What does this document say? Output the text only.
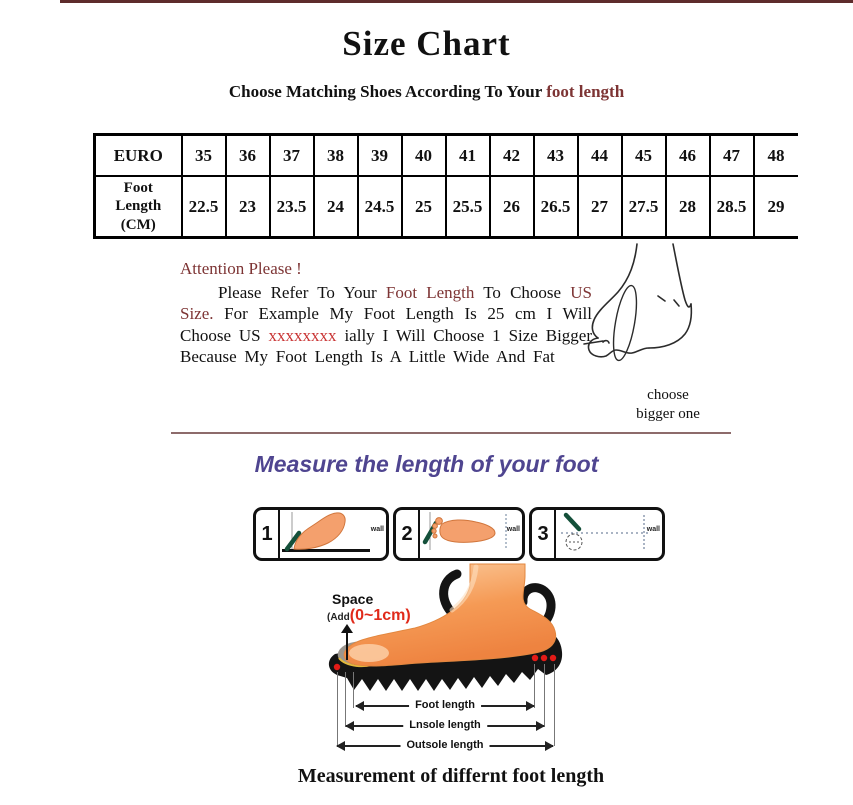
Size Chart
Choose Matching Shoes According To Your foot length
EURO	35	36	37	38	39	40	41	42	43	44	45	46	47	48

Foot
Length
(CM)	22.5	23	23.5	24	24.5	25	25.5	26	26.5	27	27.5	28	28.5	29
Attention Please !

Please Refer To Your Foot Length To Choose US Size. For Example My Foot Length Is 25 cm I Will Choose US xxxxxxxx ially I Will Choose 1 Size Bigger Because My Foot Length Is A Little Wide And Fat

choose
bigger one
Measure the length of your foot
1	wall 2	wall 3	wall
Space
(Add(0~1cm)
Foot length
Lnsole length
Outsole length
Measurement of differnt foot length
